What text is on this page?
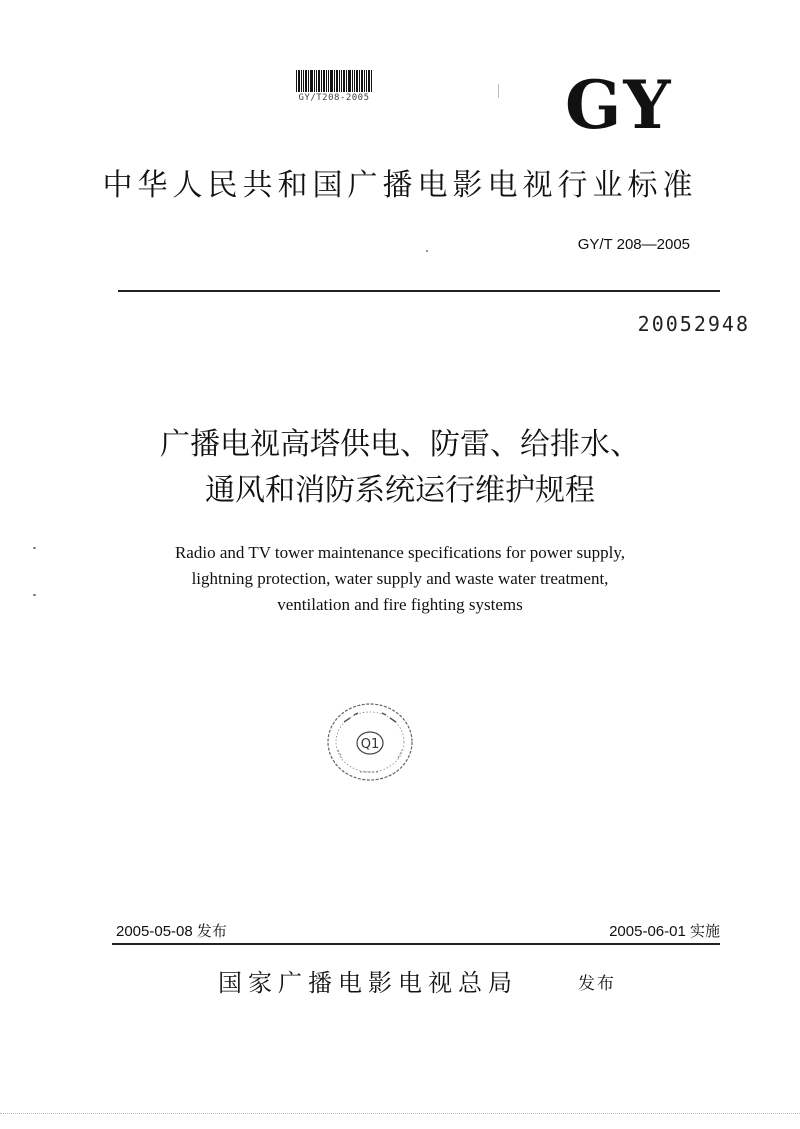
GY/T208-2005	GY
中华人民共和国广播电影电视行业标准
GY/T 208—2005
20052948
广播电视高塔供电、防雷、给排水、
通风和消防系统运行维护规程
Radio and TV tower maintenance specifications for power supply,
lightning protection, water supply and waste water treatment,
ventilation and fire fighting systems
Q1
2005-05-08 发布	2005-06-01 实施
国家广播电影电视总局	发布
